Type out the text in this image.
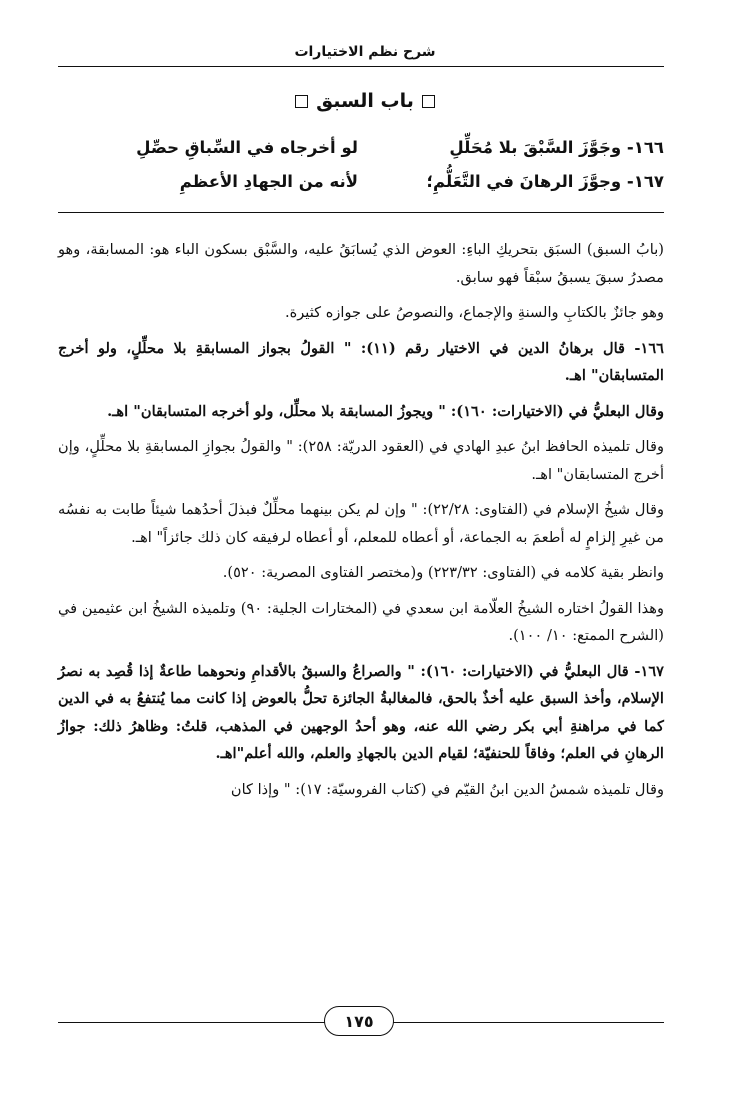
شرح نظم الاختيارات
باب السبق
١٦٦- وجَوَّزَ السَّبْقَ بلا مُحَلِّلِ
لو أخرجاه في السِّباقِ حصِّلِ
١٦٧- وجوَّزَ الرهانَ في التَّعَلُّمِ؛
لأنه من الجهادِ الأعظمِ

(بابُ السبق) السبَق بتحريكِ الباءِ: العوض الذي يُسابَقُ عليه، والسَّبْق بسكون الباء هو: المسابقة، وهو مصدرُ سبقَ يسبقُ سبْقاً فهو سابق.

وهو جائزٌ بالكتابِ والسنةِ والإجماع، والنصوصُ على جوازه كثيرة.

١٦٦- قال برهانُ الدين في الاختيار رقم (١١): " القولُ بجواز المسابقةِ بلا محلِّلٍ، ولو أخرج المتسابقان" اهـ.

وقال البعليُّ في (الاختيارات: ١٦٠): " ويجوزُ المسابقة بلا محلِّل، ولو أخرجه المتسابقان" اهـ.

وقال تلميذه الحافظ ابنُ عبدِ الهادي في (العقود الدريّة: ٢٥٨): " والقولُ بجوازِ المسابقةِ بلا محلِّلٍ، وإن أخرج المتسابقان" اهـ.

وقال شيخُ الإسلام في (الفتاوى: ٢٢/٢٨): " وإن لم يكن بينهما محلِّلٌ فبذلَ أحدُهما شيئاً طابت به نفسُه من غيرِ إلزامٍ له أطعمَ به الجماعة، أو أعطاه للمعلم، أو أعطاه لرفيقه كان ذلك جائزاً" اهـ.

وانظر بقية كلامه في (الفتاوى: ٢٢٣/٣٢) و(مختصر الفتاوى المصرية: ٥٢٠).

وهذا القولُ اختاره الشيخُ العلّامة ابن سعدي في (المختارات الجلية: ٩٠) وتلميذه الشيخُ ابن عثيمين في (الشرح الممتع: ١٠/ ١٠٠).

١٦٧- قال البعليُّ في (الاختيارات: ١٦٠): " والصراعُ والسبقُ بالأقدامِ ونحوهما طاعةٌ إذا قُصِد به نصرُ الإسلام، وأخذ السبق عليه أخذٌ بالحق، فالمغالبةُ الجائزة تحلُّ بالعوض إذا كانت مما يُنتفعُ به في الدين كما في مراهنةِ أبي بكر رضي الله عنه، وهو أحدُ الوجهين في المذهب، قلتُ: وظاهرُ ذلك: جوازُ الرهانِ في العلم؛ وفاقاً للحنفيّة؛ لقيام الدين بالجهادِ والعلم، والله أعلم"اهـ.

وقال تلميذه شمسُ الدين ابنُ القيّم في (كتاب الفروسيّة: ١٧): " وإذا كان

١٧٥
